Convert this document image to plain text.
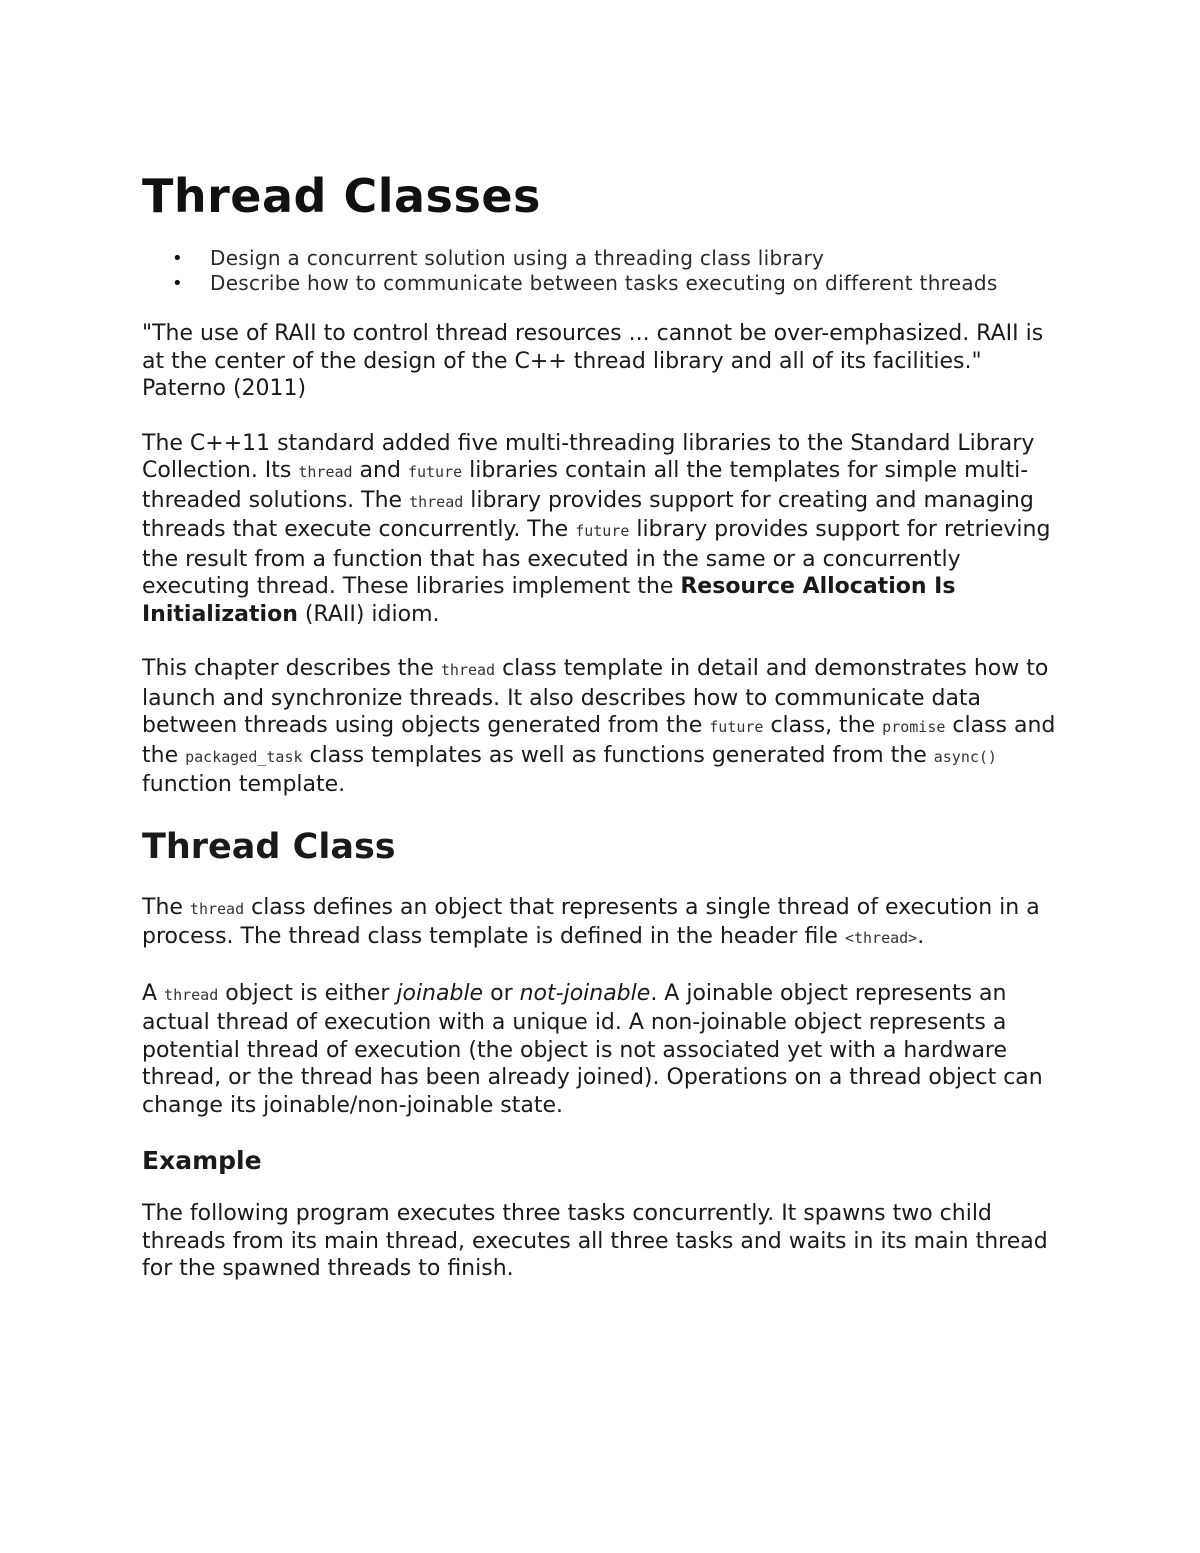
Thread Classes
• Design a concurrent solution using a threading class library
• Describe how to communicate between tasks executing on different threads

"The use of RAII to control thread resources ... cannot be over-emphasized. RAII is at the center of the design of the C++ thread library and all of its facilities." Paterno (2011)

The C++11 standard added five multi-threading libraries to the Standard Library Collection. Its thread and future libraries contain all the templates for simple multi-threaded solutions. The thread library provides support for creating and managing threads that execute concurrently. The future library provides support for retrieving the result from a function that has executed in the same or a concurrently executing thread. These libraries implement the Resource Allocation Is Initialization (RAII) idiom.

This chapter describes the thread class template in detail and demonstrates how to launch and synchronize threads. It also describes how to communicate data between threads using objects generated from the future class, the promise class and the packaged_task class templates as well as functions generated from the async() function template.

Thread Class

The thread class defines an object that represents a single thread of execution in a process. The thread class template is defined in the header file <thread>.

A thread object is either joinable or not-joinable. A joinable object represents an actual thread of execution with a unique id. A non-joinable object represents a potential thread of execution (the object is not associated yet with a hardware thread, or the thread has been already joined). Operations on a thread object can change its joinable/non-joinable state.

Example

The following program executes three tasks concurrently. It spawns two child threads from its main thread, executes all three tasks and waits in its main thread for the spawned threads to finish.
